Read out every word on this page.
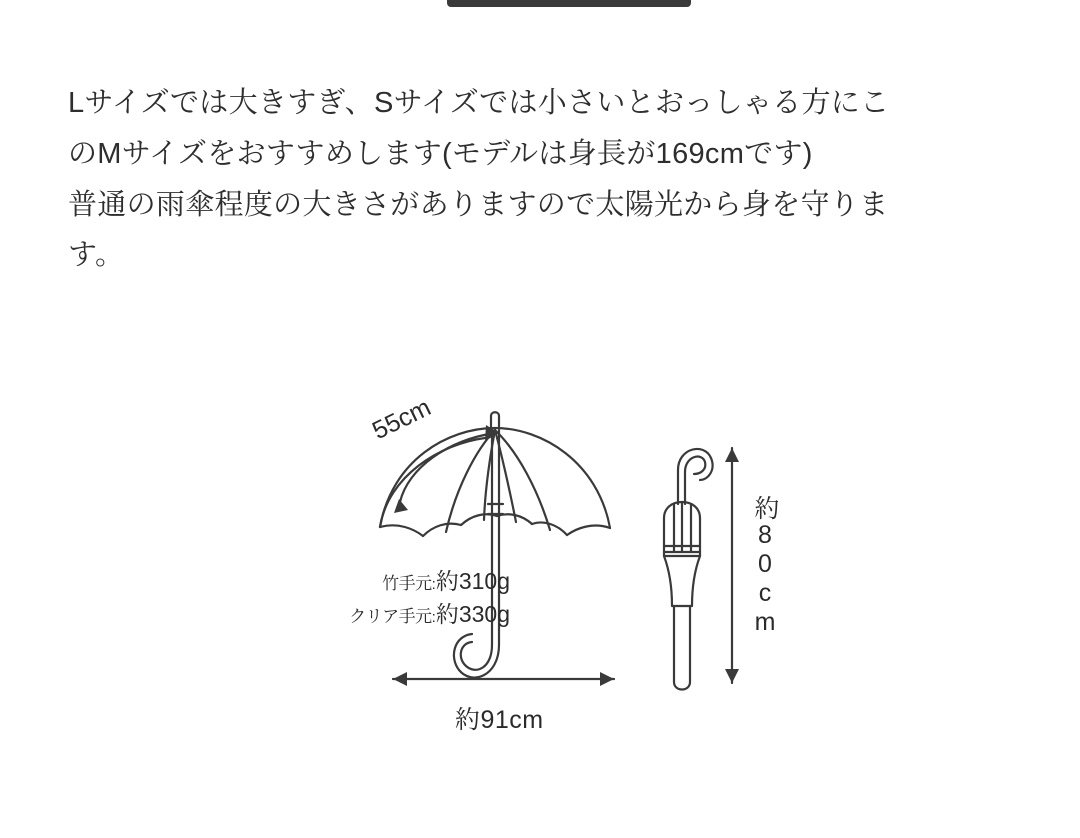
Lサイズでは大きすぎ、Sサイズでは小さいとおっしゃる方にこ
のMサイズをおすすめします(モデルは身長が169cmです)
普通の雨傘程度の大きさがありますので太陽光から身を守りま
す。
55cm
竹手元:約310g
クリア手元:約330g
約91cm
約80cm
